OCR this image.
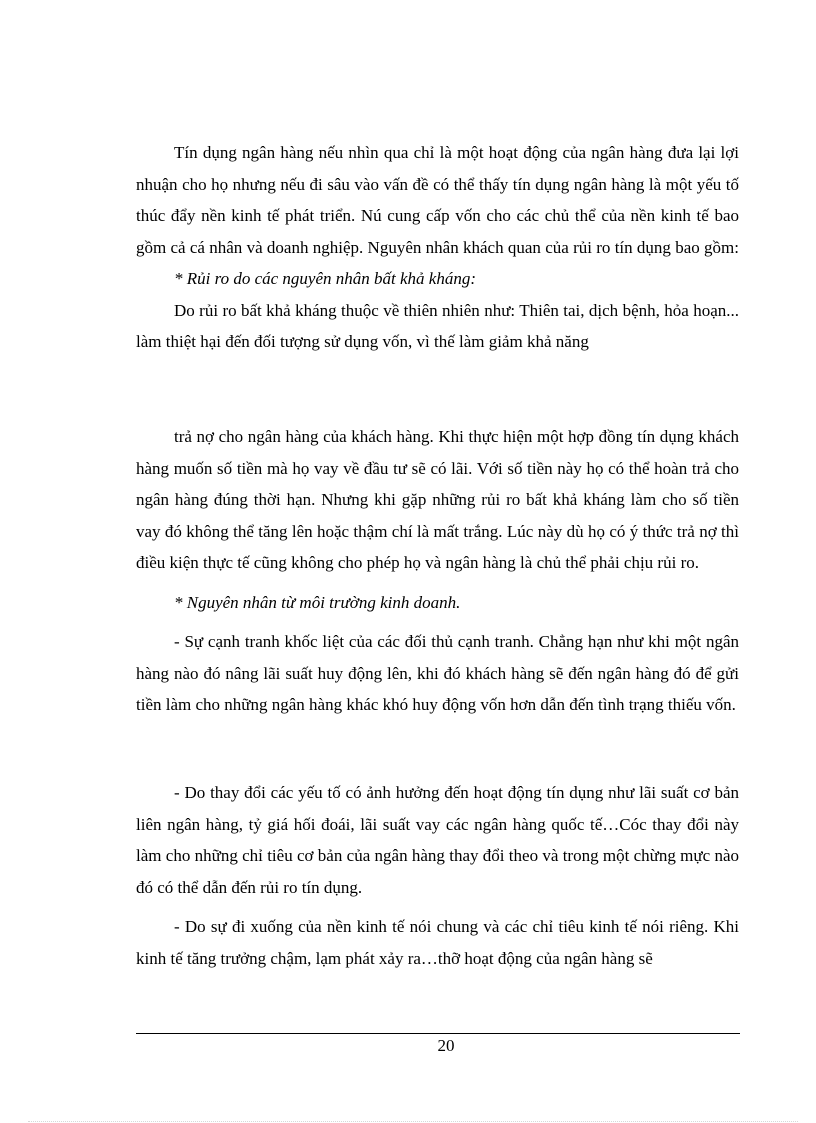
Tín dụng ngân hàng nếu nhìn qua chỉ là một hoạt động của ngân hàng đưa lại lợi nhuận cho họ nhưng nếu đi sâu vào vấn đề có thể thấy tín dụng ngân hàng là một yếu tố thúc đẩy nền kinh tế phát triển. Nú cung cấp vốn cho các chủ thể của nền kinh tế bao gồm cả cá nhân và doanh nghiệp. Nguyên nhân khách quan của rủi ro tín dụng bao gồm:

* Rủi ro do các nguyên nhân bất khả kháng:

Do rủi ro bất khả kháng thuộc về thiên nhiên như: Thiên tai, dịch bệnh, hỏa hoạn... làm thiệt hại đến đối tượng sử dụng vốn, vì thế làm giảm khả năng

trả nợ cho ngân hàng của khách hàng. Khi thực hiện một hợp đồng tín dụng khách hàng muốn số tiền mà họ vay về đầu tư sẽ có lãi. Với số tiền này họ có thể hoàn trả cho ngân hàng đúng thời hạn. Nhưng khi gặp những rủi ro bất khả kháng làm cho số tiền vay đó không thể tăng lên hoặc thậm chí là mất trắng. Lúc này dù họ có ý thức trả nợ thì điều kiện thực tế cũng không cho phép họ và ngân hàng là chủ thể phải chịu rủi ro.

* Nguyên nhân từ môi trường kinh doanh.

- Sự cạnh tranh khốc liệt của các đối thủ cạnh tranh. Chẳng hạn như khi một ngân hàng nào đó nâng lãi suất huy động lên, khi đó khách hàng sẽ đến ngân hàng đó để gửi tiền làm cho những ngân hàng khác khó huy động vốn hơn dẫn đến tình trạng thiếu vốn.

- Do thay đổi các yếu tố có ảnh hưởng đến hoạt động tín dụng như lãi suất cơ bản liên ngân hàng, tỷ giá hối đoái, lãi suất vay các ngân hàng quốc tế…Cóc thay đổi này làm cho những chỉ tiêu cơ bản của ngân hàng thay đổi theo và trong một chừng mực nào đó có thể dẫn đến rủi ro tín dụng.

- Do sự đi xuống của nền kinh tế nói chung và các chỉ tiêu kinh tế nói riêng. Khi kinh tế tăng trưởng chậm, lạm phát xảy ra…thỡ hoạt động của ngân hàng sẽ

20
